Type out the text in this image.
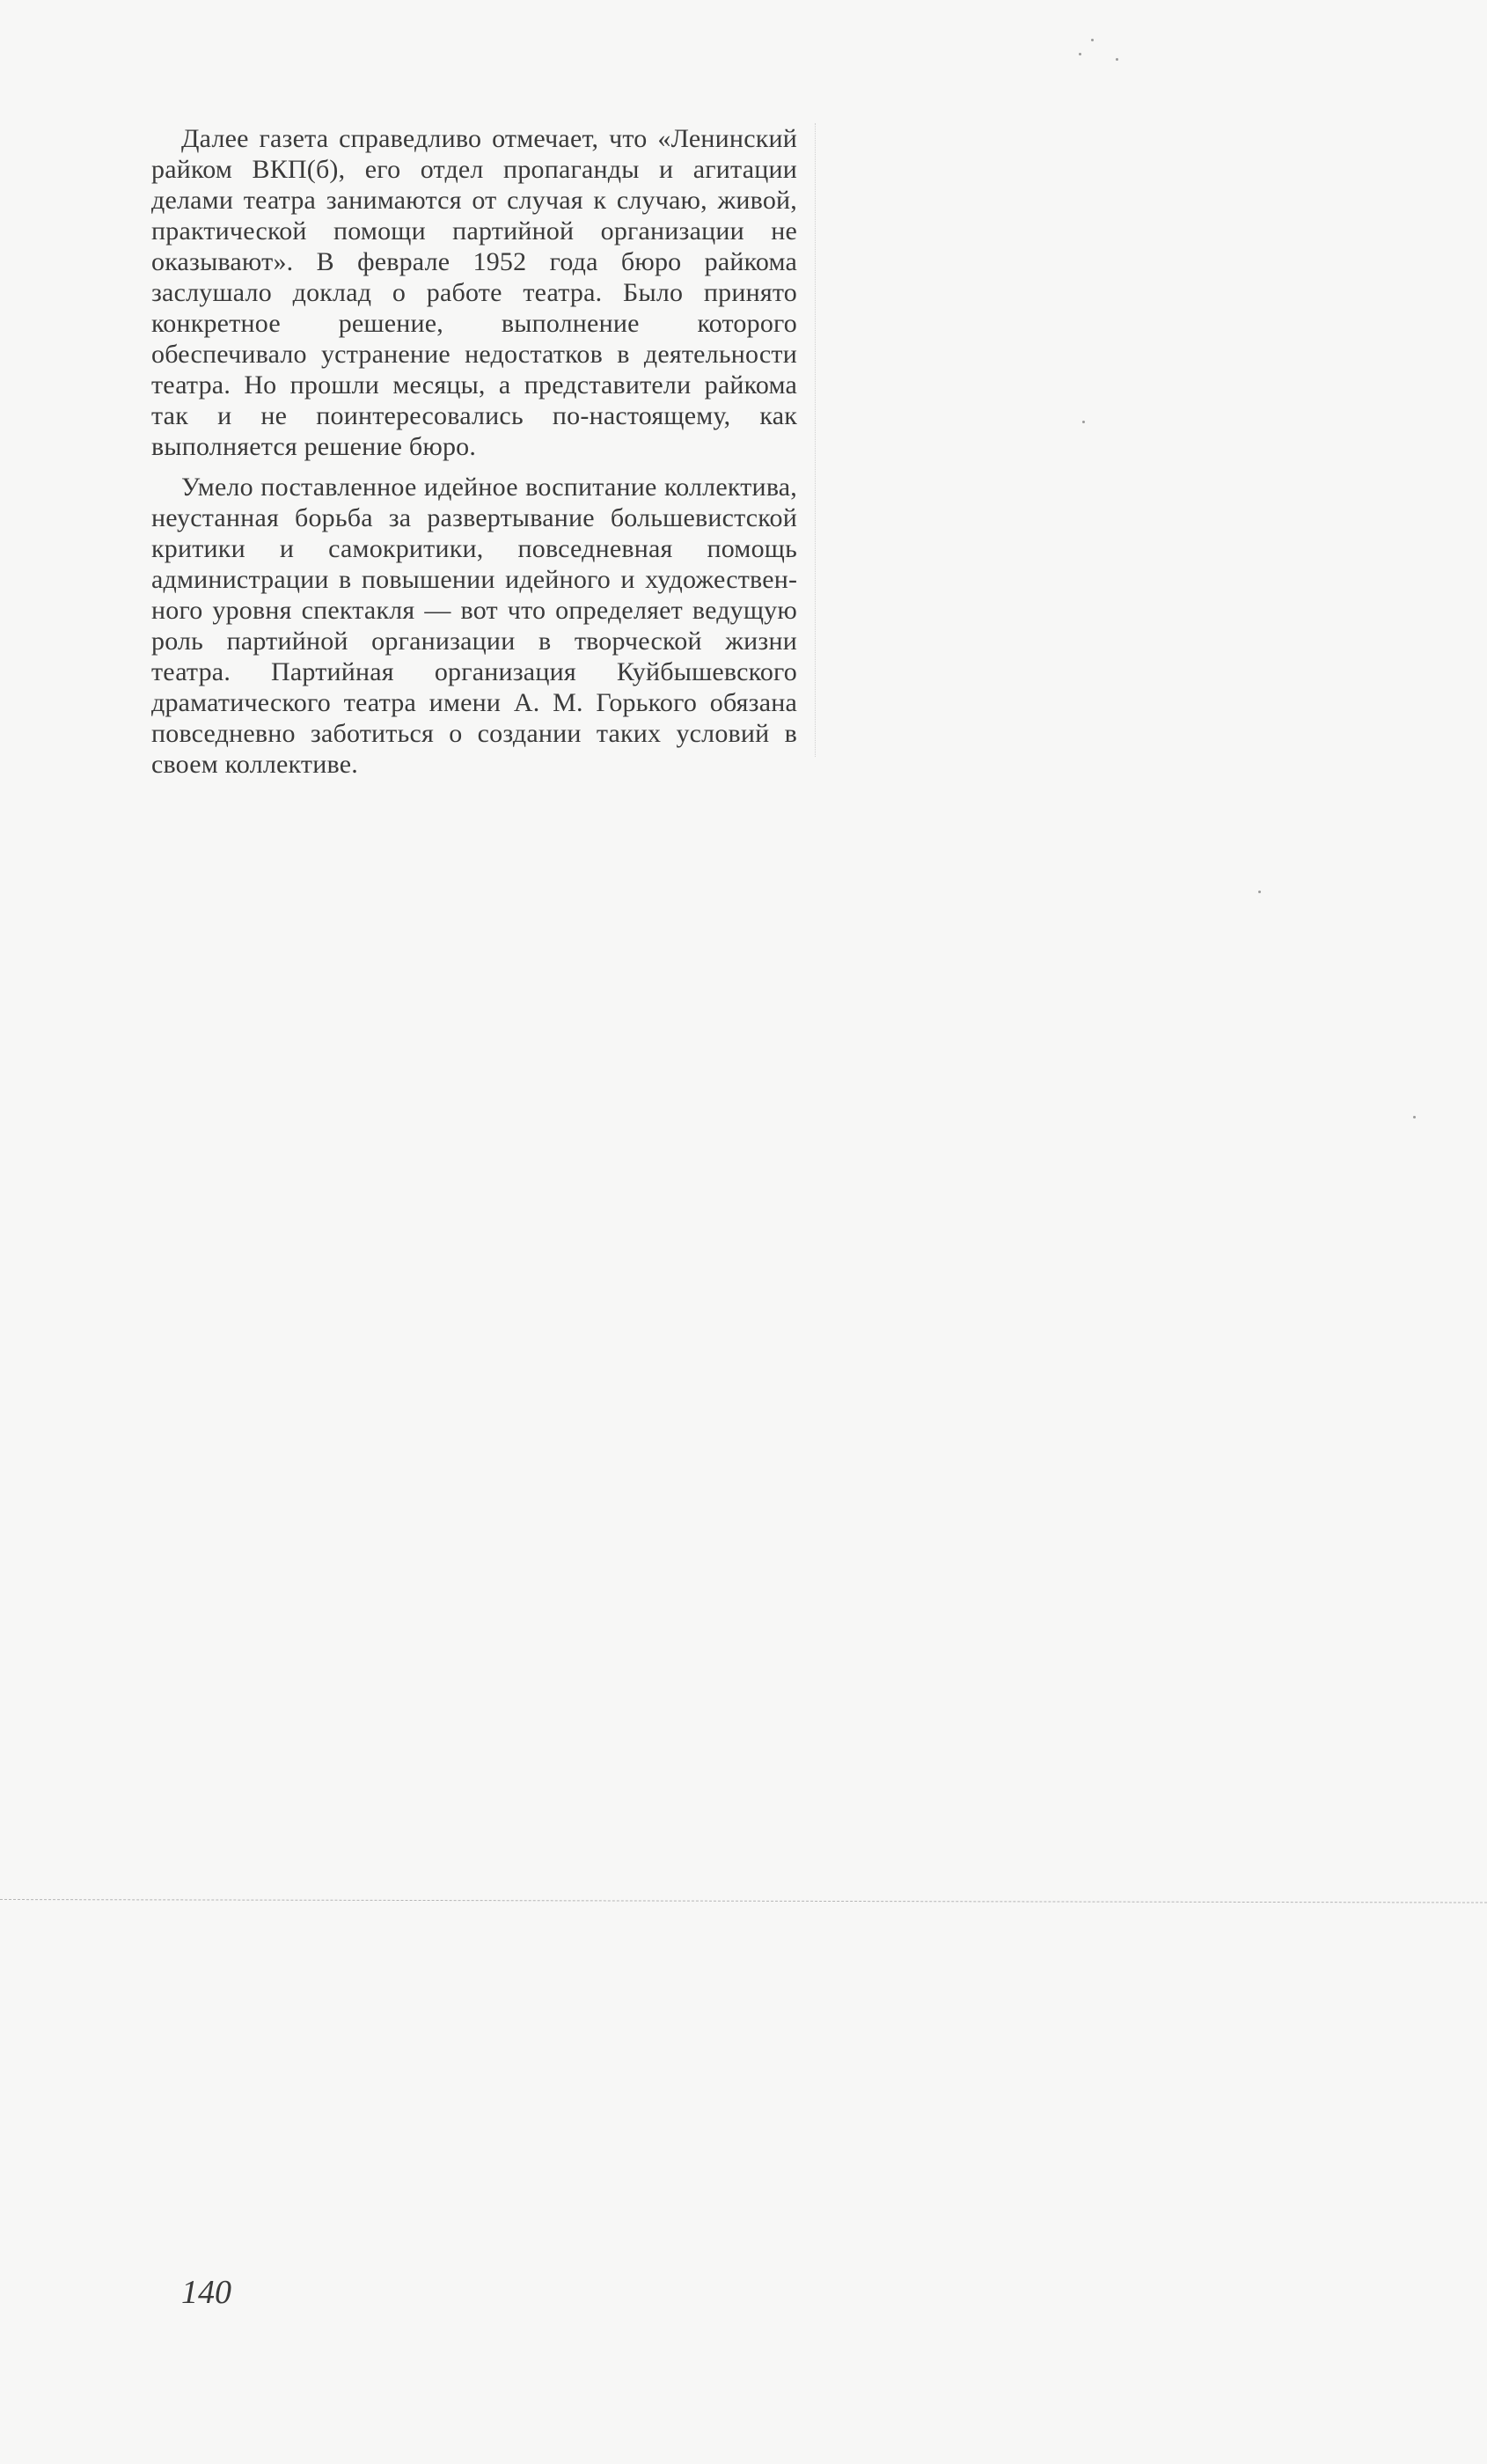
Далее газета справедливо отмечает, что «Ленинский райком ВКП(б), его отдел пропаганды и агитации делами театра занимаются от случая к случаю, живой, практической помощи партийной организации не оказывают». В феврале 1952 года бюро райкома заслушало доклад о работе театра. Было принято конкретное решение, выполнение которого обеспечивало устранение недостатков в деятельности театра. Но прошли месяцы, а представители райкома так и не поинтересовались по-настоящему, как выполняется решение бюро.

Умело поставленное идейное воспитание коллектива, неустанная борьба за развертывание большевистской критики и самокритики, повседневная помощь администрации в повышении идейного и художественного уровня спектакля — вот что определяет ведущую роль партийной организации в творческой жизни театра. Партийная организация Куйбышевского драматического театра имени А. М. Горького обязана повседневно заботиться о создании таких условий в своем коллективе.

140
